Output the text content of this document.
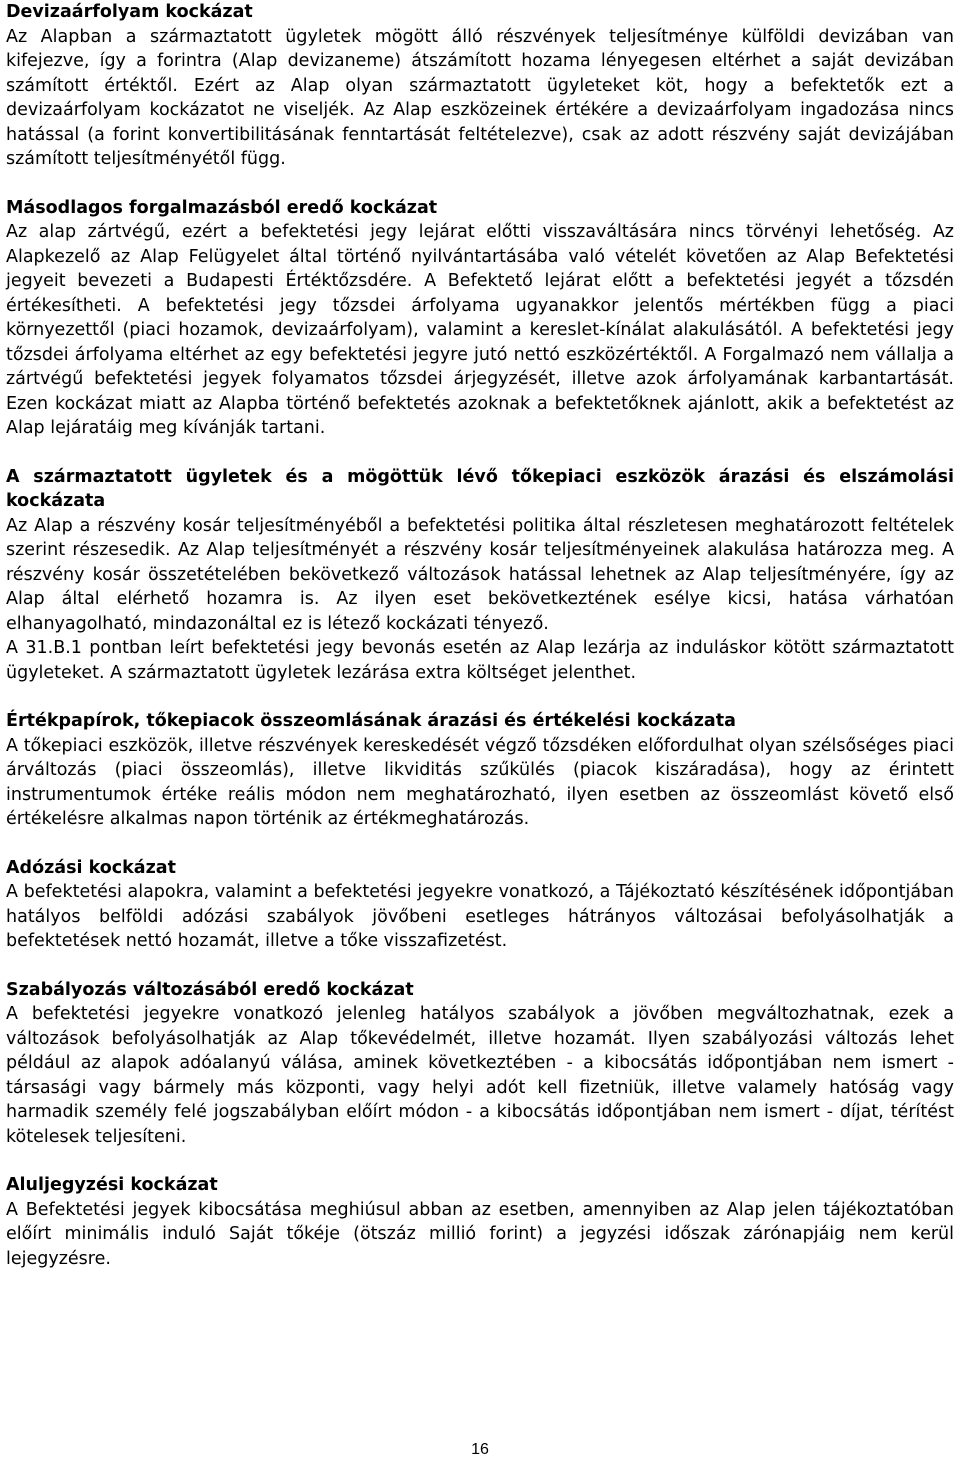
Devizaárfolyam kockázat

Az Alapban a származtatott ügyletek mögött álló részvények teljesítménye külföldi devizában van kifejezve, így a forintra (Alap devizaneme) átszámított hozama lényegesen eltérhet a saját devizában számított értéktől. Ezért az Alap olyan származtatott ügyleteket köt, hogy a befektetők ezt a devizaárfolyam kockázatot ne viseljék. Az Alap eszközeinek értékére a devizaárfolyam ingadozása nincs hatással (a forint konvertibilitásának fenntartását feltételezve), csak az adott részvény saját devizájában számított teljesítményétől függ.

Másodlagos forgalmazásból eredő kockázat

Az alap zártvégű, ezért a befektetési jegy lejárat előtti visszaváltására nincs törvényi lehetőség. Az Alapkezelő az Alap Felügyelet által történő nyilvántartásába való vételét követően az Alap Befektetési jegyeit bevezeti a Budapesti Értéktőzsdére. A Befektető lejárat előtt a befektetési jegyét a tőzsdén értékesítheti. A befektetési jegy tőzsdei árfolyama ugyanakkor jelentős mértékben függ a piaci környezettől (piaci hozamok, devizaárfolyam), valamint a kereslet-kínálat alakulásától. A befektetési jegy tőzsdei árfolyama eltérhet az egy befektetési jegyre jutó nettó eszközértéktől. A Forgalmazó nem vállalja a zártvégű befektetési jegyek folyamatos tőzsdei árjegyzését, illetve azok árfolyamának karbantartását. Ezen kockázat miatt az Alapba történő befektetés azoknak a befektetőknek ajánlott, akik a befektetést az Alap lejáratáig meg kívánják tartani.

A származtatott ügyletek és a mögöttük lévő tőkepiaci eszközök árazási és elszámolási kockázata

Az Alap a részvény kosár teljesítményéből a befektetési politika által részletesen meghatározott feltételek szerint részesedik. Az Alap teljesítményét a részvény kosár teljesítményeinek alakulása határozza meg. A részvény kosár összetételében bekövetkező változások hatással lehetnek az Alap teljesítményére, így az Alap által elérhető hozamra is. Az ilyen eset bekövetkeztének esélye kicsi, hatása várhatóan elhanyagolható, mindazonáltal ez is létező kockázati tényező.

A 31.B.1 pontban leírt befektetési jegy bevonás esetén az Alap lezárja az induláskor kötött származtatott ügyleteket. A származtatott ügyletek lezárása extra költséget jelenthet.

Értékpapírok, tőkepiacok összeomlásának árazási és értékelési kockázata

A tőkepiaci eszközök, illetve részvények kereskedését végző tőzsdéken előfordulhat olyan szélsőséges piaci árváltozás (piaci összeomlás), illetve likviditás szűkülés (piacok kiszáradása), hogy az érintett instrumentumok értéke reális módon nem meghatározható, ilyen esetben az összeomlást követő első értékelésre alkalmas napon történik az értékmeghatározás.

Adózási kockázat

A befektetési alapokra, valamint a befektetési jegyekre vonatkozó, a Tájékoztató készítésének időpontjában hatályos belföldi adózási szabályok jövőbeni esetleges hátrányos változásai befolyásolhatják a befektetések nettó hozamát, illetve a tőke visszafizetést.

Szabályozás változásából eredő kockázat

A befektetési jegyekre vonatkozó jelenleg hatályos szabályok a jövőben megváltozhatnak, ezek a változások befolyásolhatják az Alap tőkevédelmét, illetve hozamát. Ilyen szabályozási változás lehet például az alapok adóalanyú válása, aminek következtében - a kibocsátás időpontjában nem ismert - társasági vagy bármely más központi, vagy helyi adót kell fizetniük, illetve valamely hatóság vagy harmadik személy felé jogszabályban előírt módon - a kibocsátás időpontjában nem ismert - díjat, térítést kötelesek teljesíteni.

Aluljegyzési kockázat

A Befektetési jegyek kibocsátása meghiúsul abban az esetben, amennyiben az Alap jelen tájékoztatóban előírt minimális induló Saját tőkéje (ötszáz millió forint) a jegyzési időszak zárónapjáig nem kerül lejegyzésre.

16
